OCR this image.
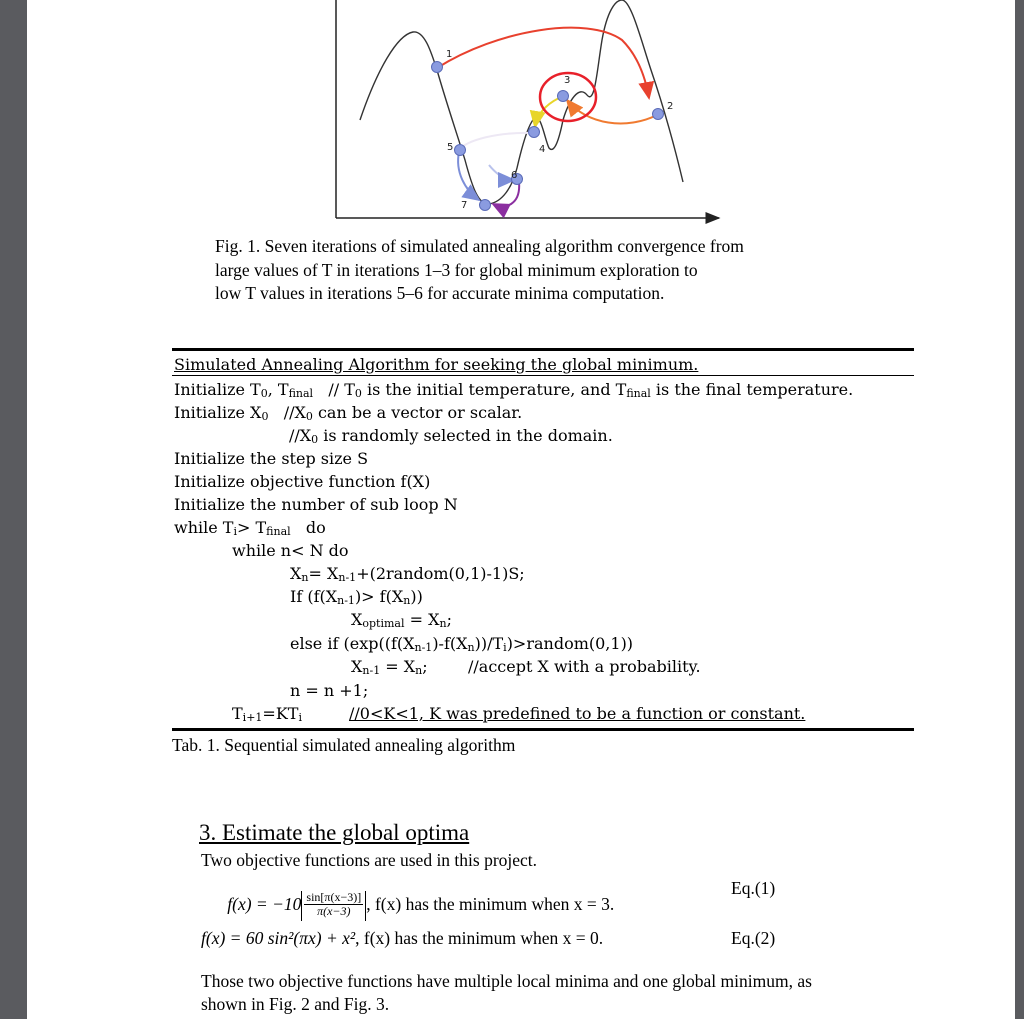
1
2
3
4
5
6
7
Fig. 1. Seven iterations of simulated annealing algorithm convergence from
large values of T in iterations 1–3 for global minimum exploration to
low T values in iterations 5–6 for accurate minima computation.
Simulated Annealing Algorithm for seeking the global minimum.
Initialize $T_0$, $T_{final} // T_0$ is the initial temperature, and $T_{final}$ is the final temperature.
Initialize $X_0$   $//X_0$ can be a vector or scalar.
$//X_0$ is randomly selected in the domain.
Initialize the step size S
Initialize objective function f(X)
Initialize the number of sub loop N
while $T_i> T_{final}$   do
while n< N do
$X_n=$ $X_{n-1}+(2random(0,1)-1)S$;
If $(f(X_{n-1})> f(X_n))$
$X_{optimal} = X_n$;
else if $(\exp((f(X_{n-1})-f(X_n))/T_i)>random(0,1))$
$X_{n-1} = X_n$;	//accept X with a probability.
n = n +1;
$T_{i+1}=KT_i$	//0<K<1, K was predefined to be a function or constant.
Tab. 1. Sequential simulated annealing algorithm
3. Estimate the global optima
Two objective functions are used in this project.

$f(x) = -10 \frac{\sin[\pi(x-3)]}{\pi(x-3)}$ , f(x) has the minimum when x = 3.

Eq.(1)
f(x) = 60 sin²(πx) + x², f(x) has the minimum when x = 0.	Eq.(2)
Those two objective functions have multiple local minima and one global minimum, as
shown in Fig. 2 and Fig. 3.
